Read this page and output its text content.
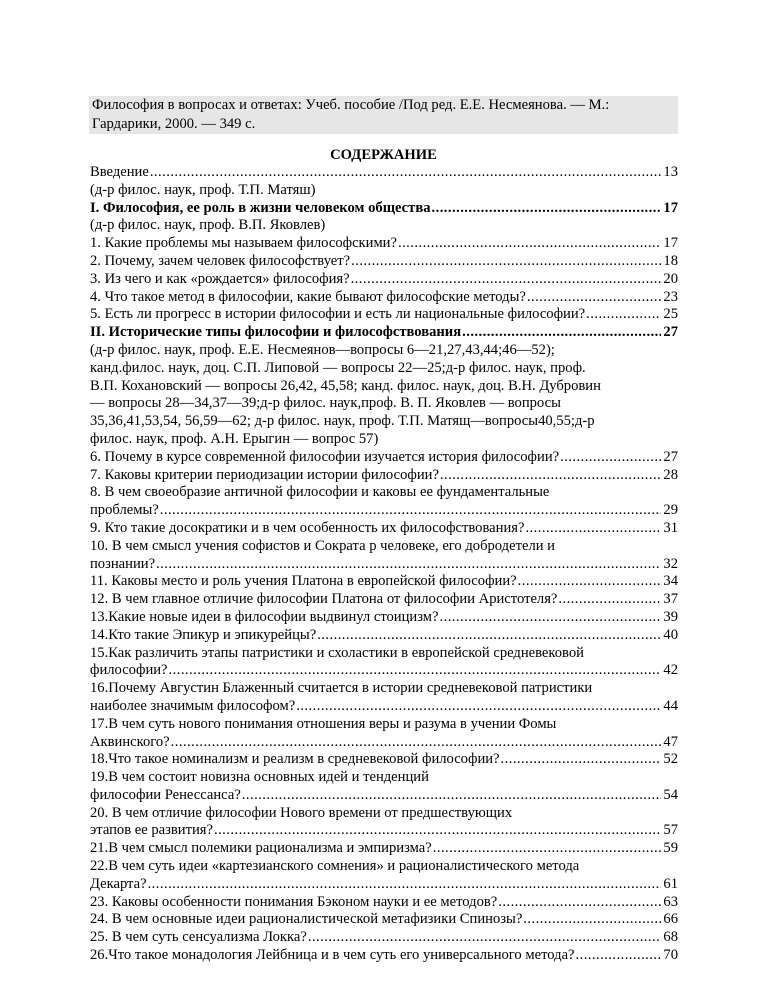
Философия в вопросах и ответах: Учеб. пособие /Под ред. Е.Е. Несмеянова. — М.:
Гардарики, 2000. — 349 с.
СОДЕРЖАНИЕ
Введение . . .	13
(д-р филос. наук, проф. Т.П. Матяш)
I. Философия, ее роль в жизни человеком общества . . .	17
(д-р филос. наук, проф. В.П. Яковлев)
1. Какие проблемы мы называем философскими? . . .	17
2. Почему, зачем человек философствует? . . .	18
3. Из чего и как «рождается» философия? . . .	20
4. Что такое метод в философии, какие бывают философские методы? . . .	23
5. Есть ли прогресс в истории философии и есть ли национальные философии? . . .	25
II. Исторические типы философии и философствования . . .	27
(д-р филос. наук, проф. Е.Е. Несмеянов—вопросы 6—21,27,43,44;46—52);
канд.филос. наук, доц. С.П. Липовой — вопросы 22—25;д-р филос. наук, проф.
В.П. Кохановский — вопросы 26,42, 45,58; канд. филос. наук, доц. В.Н. Дубровин
— вопросы 28—34,37—39;д-р филос. наук,проф. В. П. Яковлев — вопросы
35,36,41,53,54, 56,59—62; д-р филос. наук, проф. Т.П. Матящ—вопросы40,55;д-р
филос. наук, проф. А.Н. Ерыгин — вопрос 57)
6. Почему в курсе современной философии изучается история философии? . . .	27
7. Каковы критерии периодизации истории философии? . . .	28
8. В чем своеобразие античной философии и каковы ее фундаментальные
проблемы? . . .	29
9. Кто такие досократики и в чем особенность их философствования? . . .	31
10. В чем смысл учения софистов и Сократа р человеке, его добродетели и
познании? . . .	32
11. Каковы место и роль учения Платона в европейской философии? . . .	34
12. В чем главное отличие философии Платона от философии Аристотеля? . . .	37
13.Какие новые идеи в философии выдвинул стоицизм? . . .	39
14.Кто такие Эпикур и эпикурейцы? . . .	40
15.Как различить этапы патристики и схоластики в европейской средневековой
философии? . . .	42
16.Почему Августин Блаженный считается в истории средневековой патристики
наиболее значимым философом? . . .	44
17.В чем суть нового понимания отношения веры и разума в учении Фомы
Аквинского? . . .	47
18.Что такое номинализм и реализм в средневековой философии? . . .	52
19.В чем состоит новизна основных идей и тенденций
философии Ренессанса? . . .	54
20. В чем отличие философии Нового времени от предшествующих
этапов ее развития? . . .	57
21.В чем смысл полемики рационализма и эмпиризма? . . .	59
22.В чем суть идеи «картезианского сомнения» и рационалистического метода
Декарта? . . .	61
23. Каковы особенности понимания Бэконом науки и ее методов? . . .	63
24. В чем основные идеи рационалистической метафизики Спинозы? . . .	66
25. В чем суть сенсуализма Локка? . . .	68
26.Что такое монадология Лейбница и в чем суть его универсального метода? . . .	70
